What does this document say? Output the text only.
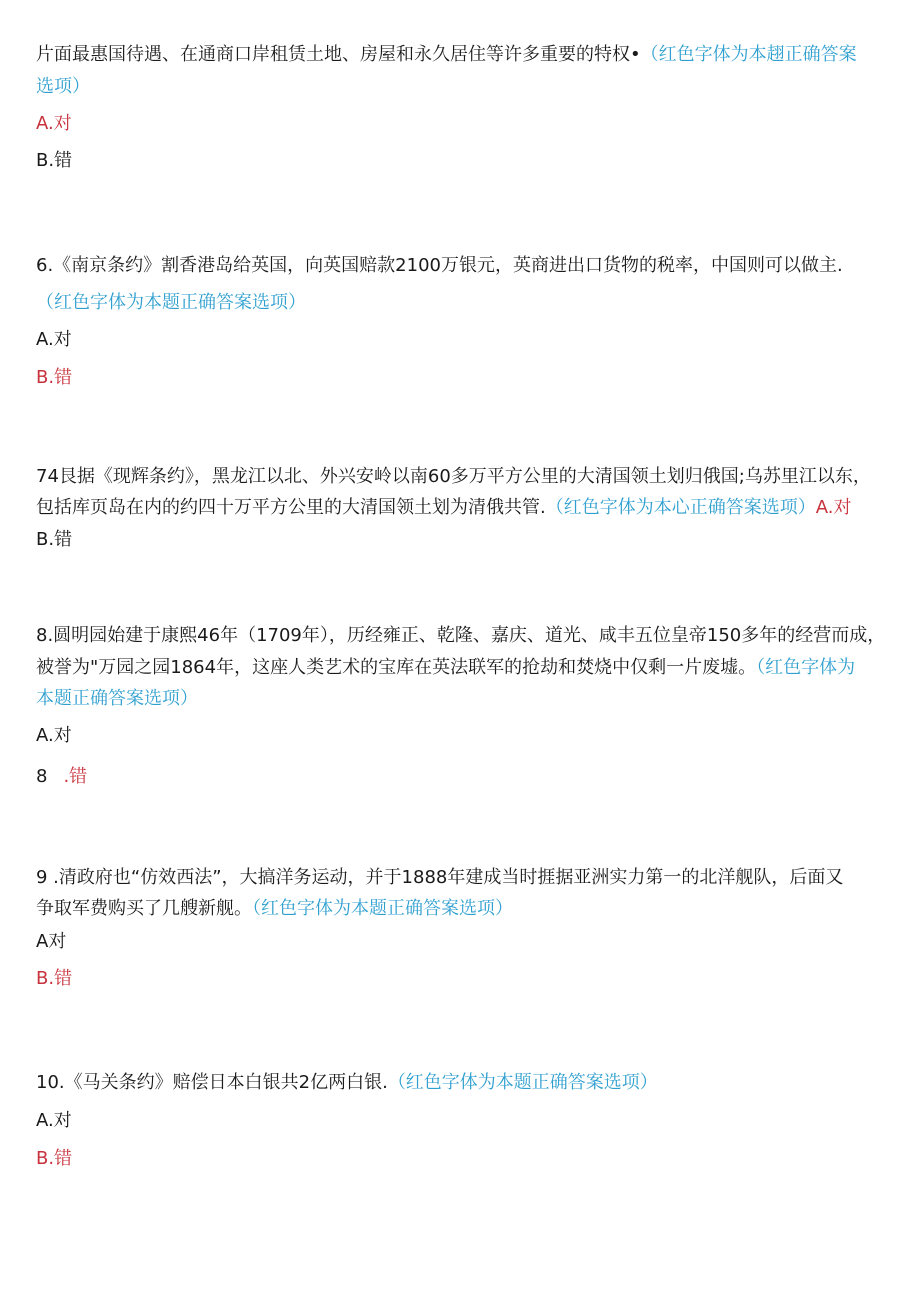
片面最惠国待遇、在通商口岸租赁土地、房屋和永久居住等许多重要的特权•（红色字体为本趐正确答案
选项）
A.对
B.错
6.《南京条约》割香港岛给英国，向英国赔款2100万银元，英商进出口货物的税率，中国则可以做主.
（红色字体为本题正确答案选项）
A.对
B.错
74艮据《现辉条约》，黑龙江以北、外兴安岭以南60多万平方公里的大清国领土划归俄国;乌苏里江以东，
包括库页岛在内的约四十万平方公里的大清国领土划为清俄共管.（红色字体为本心正确答案选项）A.对
B.错
8.圆明园始建于康熙46年（1709年），历经雍正、乾隆、嘉庆、道光、咸丰五位皇帝150多年的经营而成，
被誉为"万园之园1864年，这座人类艺术的宝库在英法联军的抢劫和焚烧中仅剩一片废墟。（红色字体为
本题正确答案选项）
A.对
8 .错
9 .清政府也“仿效西法”，大搞洋务运动，并于1888年建成当时捱据亚洲实力第一的北洋舰队，后面又
争取军费购买了几艘新舰。（红色字体为本题正确答案选项）
A对
B.错
10.《马关条约》赔偿日本白银共2亿两白银.（红色字体为本题正确答案选项）
A.对
B.错
